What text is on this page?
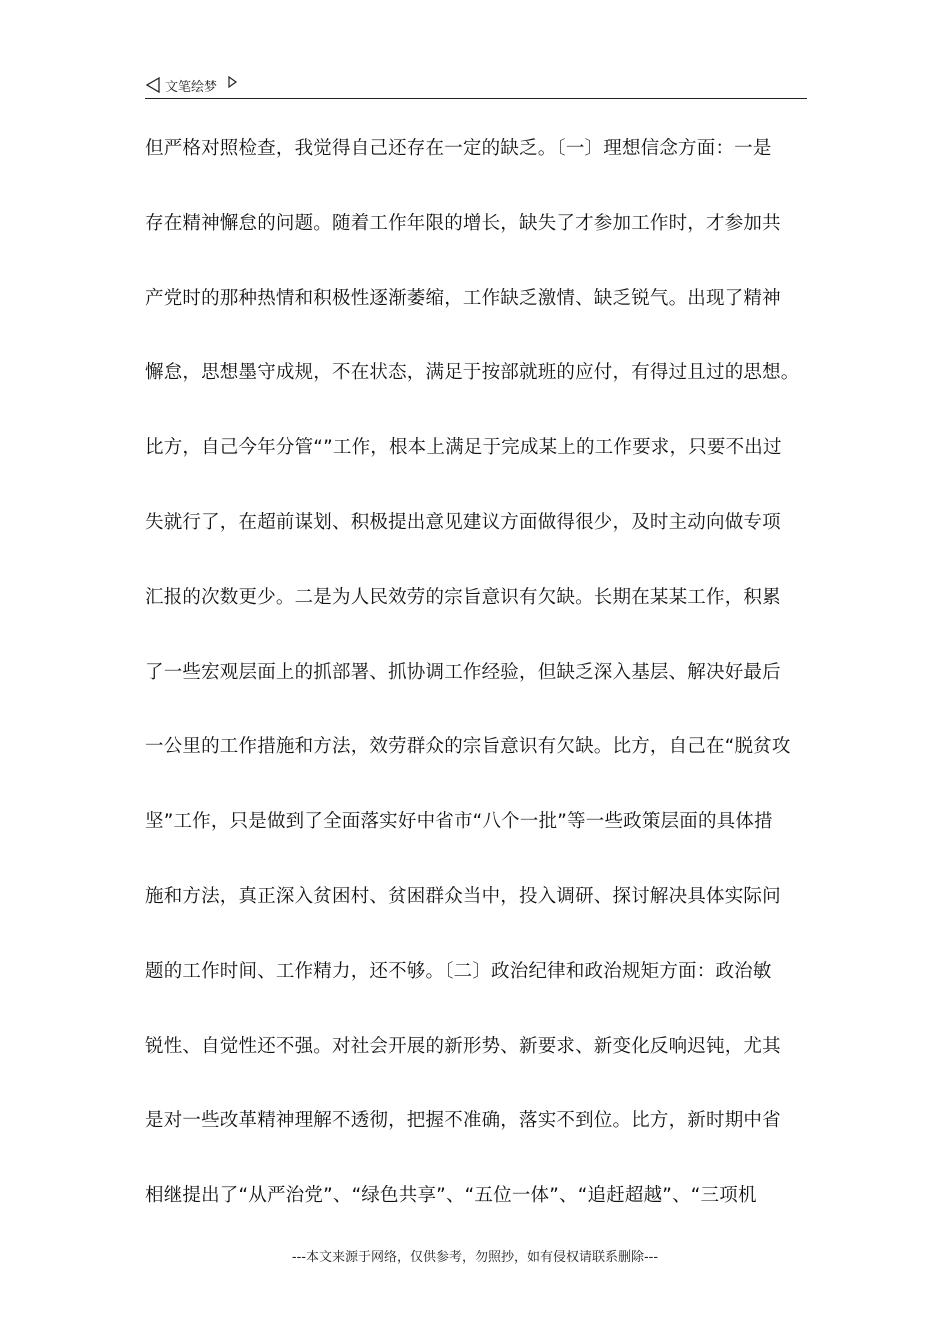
文笔绘梦
但严格对照检查，我觉得自己还存在一定的缺乏。〔一〕理想信念方面：一是
存在精神懈怠的问题。随着工作年限的增长，缺失了才参加工作时，才参加共
产党时的那种热情和积极性逐渐萎缩，工作缺乏激情、缺乏锐气。出现了精神
懈怠，思想墨守成规，不在状态，满足于按部就班的应付，有得过且过的思想。
比方，自己今年分管“”工作，根本上满足于完成某上的工作要求，只要不出过
失就行了，在超前谋划、积极提出意见建议方面做得很少，及时主动向做专项
汇报的次数更少。二是为人民效劳的宗旨意识有欠缺。长期在某某工作，积累
了一些宏观层面上的抓部署、抓协调工作经验，但缺乏深入基层、解决好最后
一公里的工作措施和方法，效劳群众的宗旨意识有欠缺。比方，自己在“脱贫攻
坚”工作，只是做到了全面落实好中省市“八个一批”等一些政策层面的具体措
施和方法，真正深入贫困村、贫困群众当中，投入调研、探讨解决具体实际问
题的工作时间、工作精力，还不够。〔二〕政治纪律和政治规矩方面：政治敏
锐性、自觉性还不强。对社会开展的新形势、新要求、新变化反响迟钝，尤其
是对一些改革精神理解不透彻，把握不准确，落实不到位。比方，新时期中省
相继提出了“从严治党”、“绿色共享”、“五位一体”、“追赶超越”、“三项机
---本文来源于网络，仅供参考，勿照抄，如有侵权请联系删除---
